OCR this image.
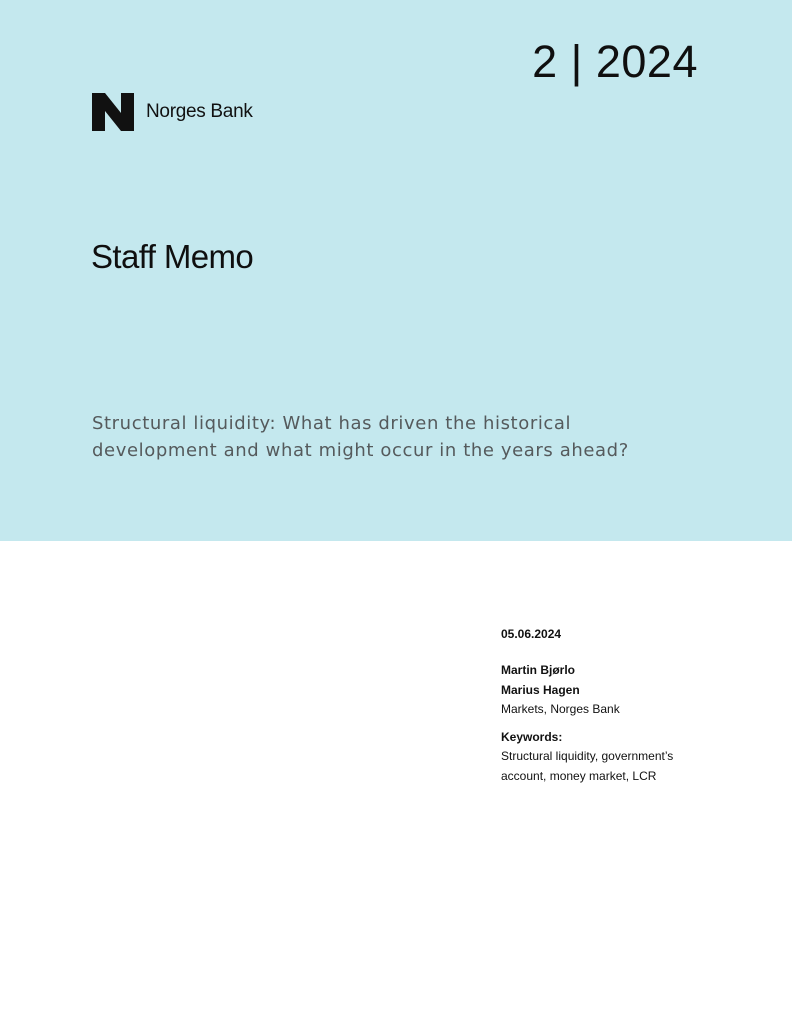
2 | 2024
Norges Bank
Staff Memo

Structural liquidity: What has driven the historical development and what might occur in the years ahead?

05.06.2024

Martin Bjørlo

Marius Hagen

Markets, Norges Bank

Keywords:

Structural liquidity, government’s account, money market, LCR
